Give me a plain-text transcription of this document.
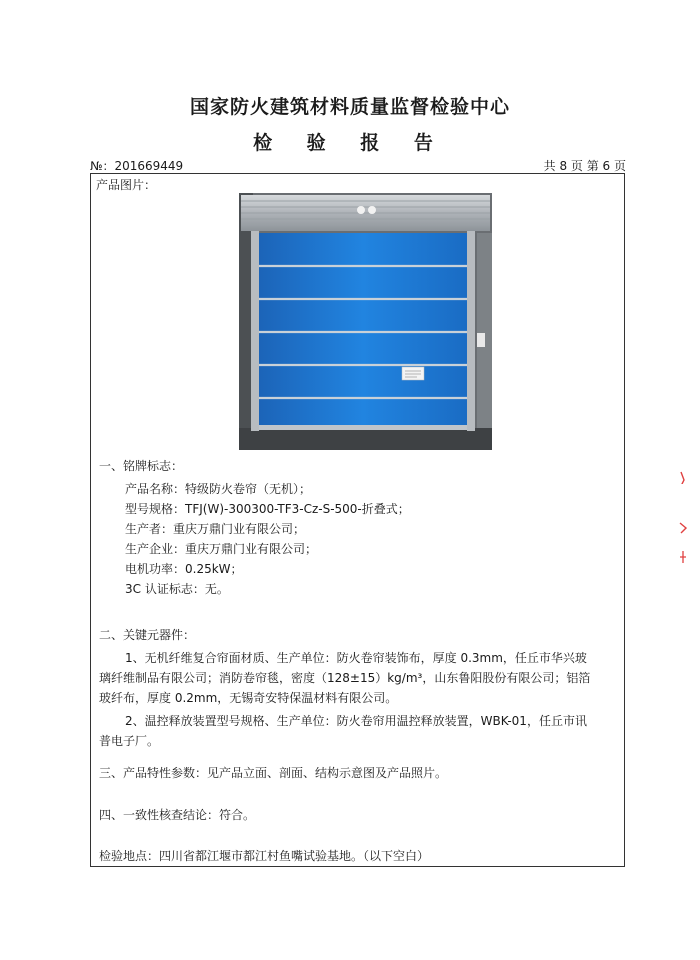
国家防火建筑材料质量监督检验中心
检 验 报 告
№：201669449	共 8 页 第 6 页
产品图片：
一、铭牌标志：
产品名称：特级防火卷帘（无机）；
型号规格：TFJ(W)-300300-TF3-Cz-S-500-折叠式；
生产者：重庆万鼎门业有限公司；
生产企业：重庆万鼎门业有限公司；
电机功率：0.25kW；
3C 认证标志：无。
二、关键元器件：
1、无机纤维复合帘面材质、生产单位：防火卷帘装饰布，厚度 0.3mm，任丘市华兴玻
璃纤维制品有限公司；消防卷帘毯，密度（128±15）kg/m³，山东鲁阳股份有限公司；铝箔
玻纤布，厚度 0.2mm，无锡奇安特保温材料有限公司。
2、温控释放装置型号规格、生产单位：防火卷帘用温控释放装置，WBK-01，任丘市讯
普电子厂。
三、产品特性参数：见产品立面、剖面、结构示意图及产品照片。
四、一致性核查结论：符合。
检验地点：四川省都江堰市都江村鱼嘴试验基地。（以下空白）
